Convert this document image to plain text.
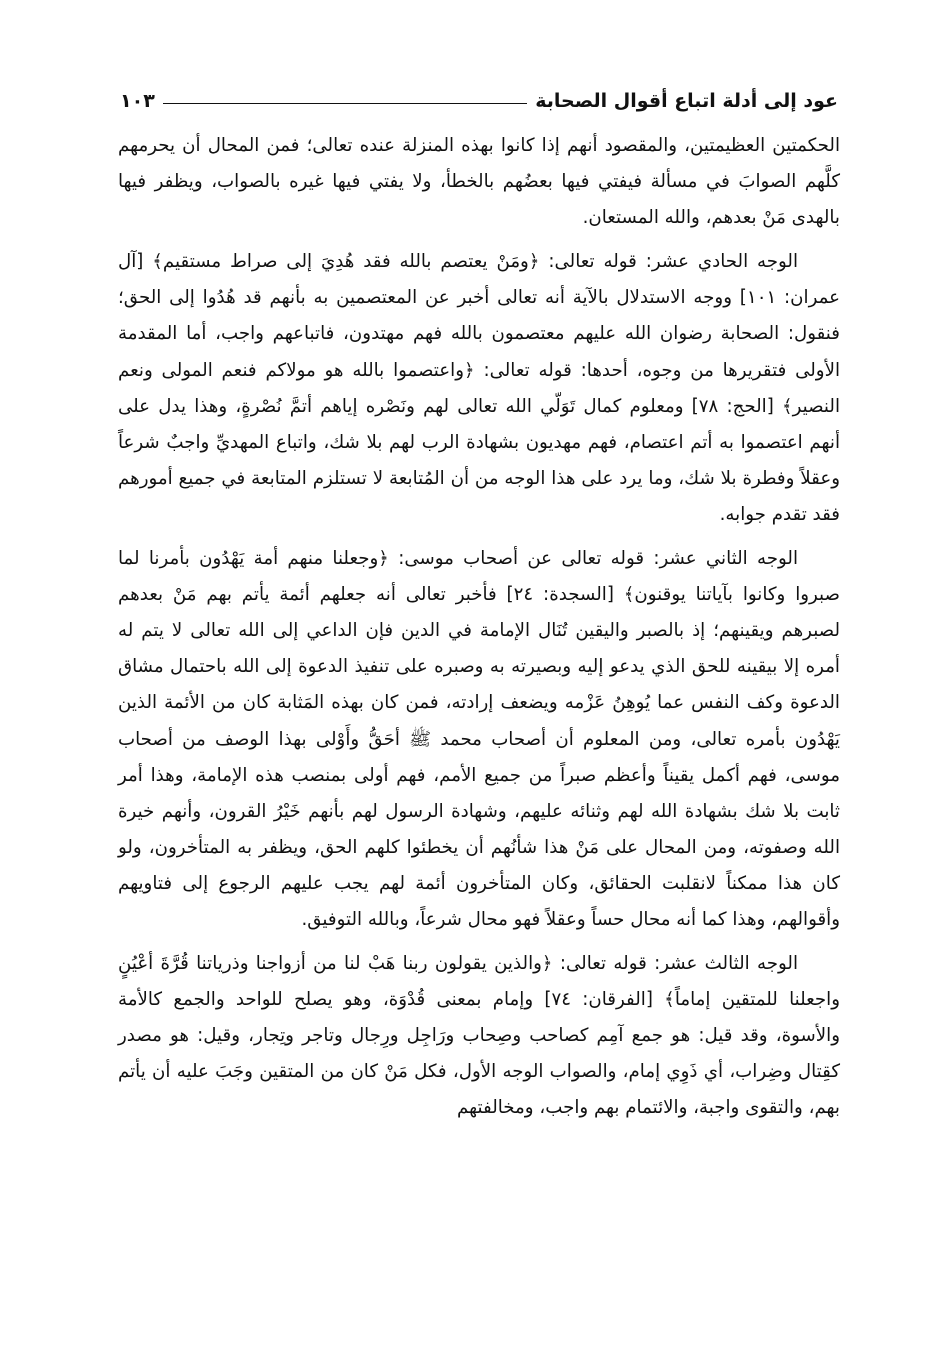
عود إلى أدلة اتباع أقوال الصحابة
١٠٣

الحكمتين العظيمتين، والمقصود أنهم إذا كانوا بهذه المنزلة عنده تعالى؛ فمن المحال أن يحرمهم كلَّهم الصوابَ في مسألة فيفتي فيها بعضُهم بالخطأ، ولا يفتي فيها غيره بالصواب، ويظفر فيها بالهدى مَنْ بعدهم، والله المستعان.

الوجه الحادي عشر: قوله تعالى: ﴿ومَنْ يعتصم بالله فقد هُدِيَ إلى صراط مستقيم﴾ [آل عمران: ١٠١] ووجه الاستدلال بالآية أنه تعالى أخبر عن المعتصمين به بأنهم قد هُدُوا إلى الحق؛ فنقول: الصحابة رضوان الله عليهم معتصمون بالله فهم مهتدون، فاتباعهم واجب، أما المقدمة الأولى فتقريرها من وجوه، أحدها: قوله تعالى: ﴿واعتصموا بالله هو مولاكم فنعم المولى ونعم النصير﴾ [الحج: ٧٨] ومعلوم كمال تَوَلّي الله تعالى لهم ونَصْره إياهم أتمَّ نُصْرةٍ، وهذا يدل على أنهم اعتصموا به أتم اعتصام، فهم مهديون بشهادة الرب لهم بلا شك، واتباع المهديِّ واجبٌ شرعاً وعقلاً وفطرة بلا شك، وما يرد على هذا الوجه من أن المُتابعة لا تستلزم المتابعة في جميع أمورهم فقد تقدم جوابه.

الوجه الثاني عشر: قوله تعالى عن أصحاب موسى: ﴿وجعلنا منهم أمة يَهْدُون بأمرنا لما صبروا وكانوا بآياتنا يوقنون﴾ [السجدة: ٢٤] فأخبر تعالى أنه جعلهم أئمة يأتم بهم مَنْ بعدهم لصبرهم ويقينهم؛ إذ بالصبر واليقين تُنَال الإمامة في الدين فإن الداعي إلى الله تعالى لا يتم له أمره إلا بيقينه للحق الذي يدعو إليه وبصيرته به وصبره على تنفيذ الدعوة إلى الله باحتمال مشاق الدعوة وكف النفس عما يُوهِنُ عَزْمه ويضعف إرادته، فمن كان بهذه المَثابة كان من الأئمة الذين يَهْدُون بأمره تعالى، ومن المعلوم أن أصحاب محمد ﷺ أحَقُّ وأَوْلى بهذا الوصف من أصحاب موسى، فهم أكمل يقيناً وأعظم صبراً من جميع الأمم، فهم أولى بمنصب هذه الإمامة، وهذا أمر ثابت بلا شك بشهادة الله لهم وثنائه عليهم، وشهادة الرسول لهم بأنهم خَيْرُ القرون، وأنهم خيرة الله وصفوته، ومن المحال على مَنْ هذا شأنُهم أن يخطئوا كلهم الحق، ويظفر به المتأخرون، ولو كان هذا ممكناً لانقلبت الحقائق، وكان المتأخرون أئمة لهم يجب عليهم الرجوع إلى فتاويهم وأقوالهم، وهذا كما أنه محال حساً وعقلاً فهو محال شرعاً، وبالله التوفيق.

الوجه الثالث عشر: قوله تعالى: ﴿والذين يقولون ربنا هَبْ لنا من أزواجنا وذرياتنا قُرَّةَ أعْيُنٍ واجعلنا للمتقين إماماً﴾ [الفرقان: ٧٤] وإمام بمعنى قُدْوَة، وهو يصلح للواحد والجمع كالأمة والأسوة، وقد قيل: هو جمع آمِم كصاحب وصِحاب ورَاجِل ورِجال وتاجر وتِجار، وقيل: هو مصدر كقِتال وضِراب، أي ذَوِي إمام، والصواب الوجه الأول، فكل مَنْ كان من المتقين وجَبَ عليه أن يأتم بهم، والتقوى واجبة، والائتمام بهم واجب، ومخالفتهم
